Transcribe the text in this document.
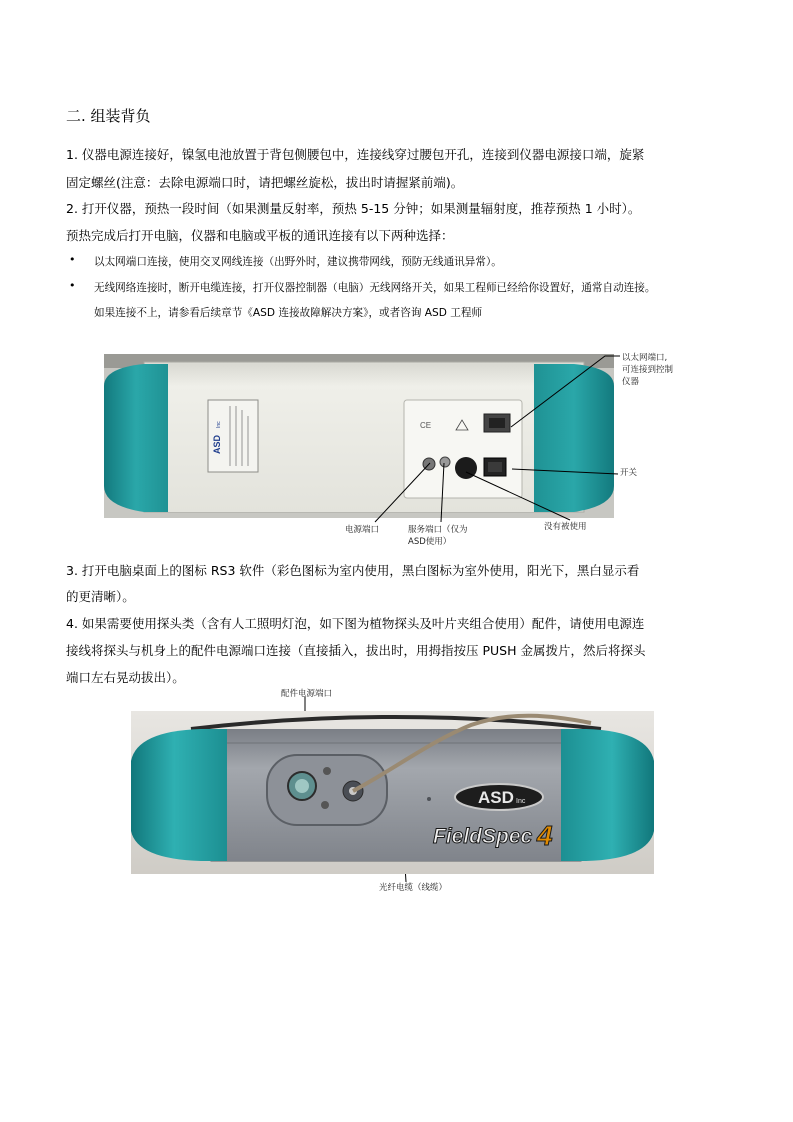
二. 组装背负
1. 仪器电源连接好，镍氢电池放置于背包侧腰包中，连接线穿过腰包开孔，连接到仪器电源接口端，旋紧
固定螺丝(注意：去除电源端口时，请把螺丝旋松，拔出时请握紧前端)。
2. 打开仪器，预热一段时间（如果测量反射率，预热 5-15 分钟；如果测量辐射度，推荐预热 1 小时）。
预热完成后打开电脑，仪器和电脑或平板的通讯连接有以下两种选择：
• 以太网端口连接，使用交叉网线连接（出野外时，建议携带网线，预防无线通讯异常）。
• 无线网络连接时，断开电缆连接，打开仪器控制器（电脑）无线网络开关，如果工程师已经给你设置好，通常自动连接。
如果连接不上，请参看后续章节《ASD 连接故障解决方案》，或者咨询 ASD 工程师
ASD
Inc	CE
以太网端口,
可连接到控制
仪器
开关
电源端口	服务端口（仅为
ASD使用）
没有被使用
3. 打开电脑桌面上的图标 RS3 软件（彩色图标为室内使用，黑白图标为室外使用，阳光下，黑白显示看
的更清晰）。
4. 如果需要使用探头类（含有人工照明灯泡，如下图为植物探头及叶片夹组合使用）配件，请使用电源连
接线将探头与机身上的配件电源端口连接（直接插入，拔出时，用拇指按压 PUSH 金属拨片，然后将探头
端口左右晃动拔出）。
配件电源端口
光纤电缆（线缆）
ASD Inc
FieldSpec 4
